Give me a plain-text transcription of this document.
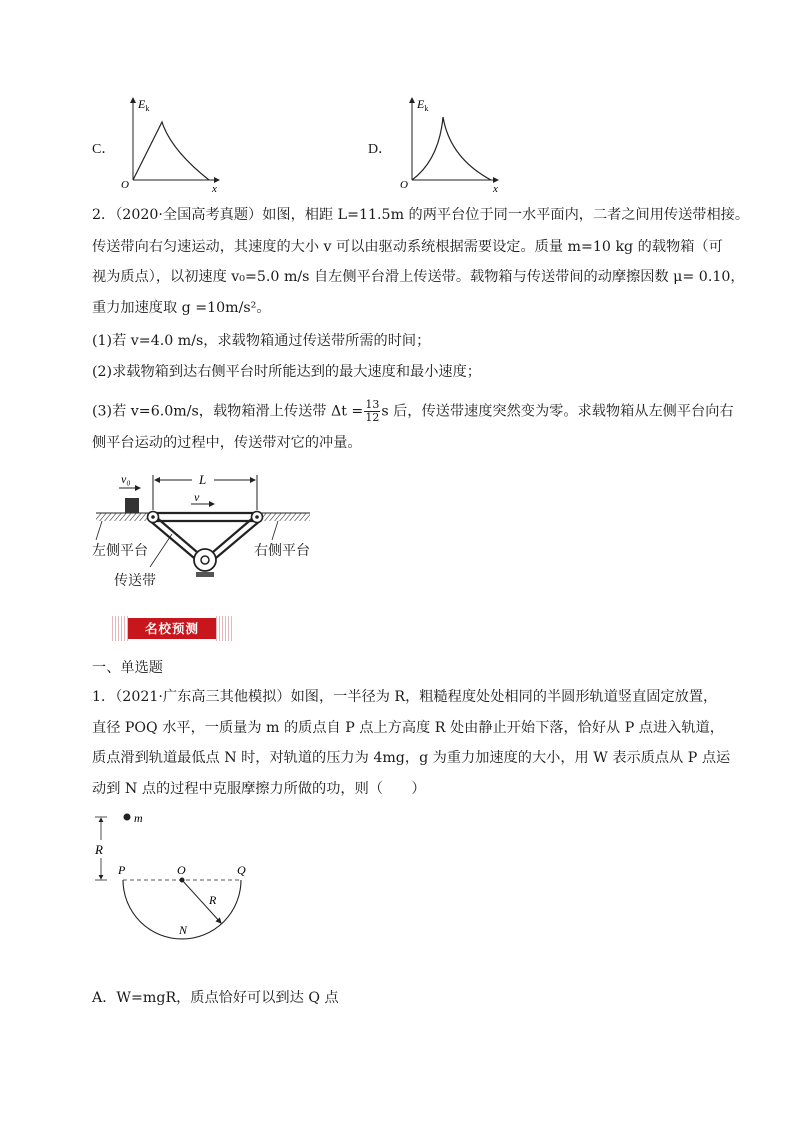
C．
$E_k$
O	x
D．
$E_k$
O	x
2．（2020·全国高考真题）如图，相距 L=11.5m 的两平台位于同一水平面内，二者之间用传送带相接。
传送带向右匀速运动，其速度的大小 v 可以由驱动系统根据需要设定。质量 m=10 kg 的载物箱（可
视为质点），以初速度 v₀=5.0 m/s 自左侧平台滑上传送带。载物箱与传送带间的动摩擦因数 μ= 0.10，
重力加速度取 g =10m/s²。
(1)若 v=4.0 m/s，求载物箱通过传送带所需的时间；
(2)求载物箱到达右侧平台时所能达到的最大速度和最小速度；
(3)若 v=6.0m/s，载物箱滑上传送带 $\Delta t = \frac{13}{12}$ s 后，传送带速度突然变为零。求载物箱从左侧平台向右
侧平台运动的过程中，传送带对它的冲量。
v₀	L
v
左侧平台	右侧平台
传送带
名校预测
一、单选题
1．（2021·广东高三其他模拟）如图，一半径为 R，粗糙程度处处相同的半圆形轨道竖直固定放置，
直径 POQ 水平，一质量为 m 的质点自 P 点上方高度 R 处由静止开始下落，恰好从 P 点进入轨道，
质点滑到轨道最低点 N 时，对轨道的压力为 4mg，g 为重力加速度的大小，用 W 表示质点从 P 点运
动到 N 点的过程中克服摩擦力所做的功，则（　　）
m
R
P	O	Q
R
N
A．W=mgR，质点恰好可以到达 Q 点
